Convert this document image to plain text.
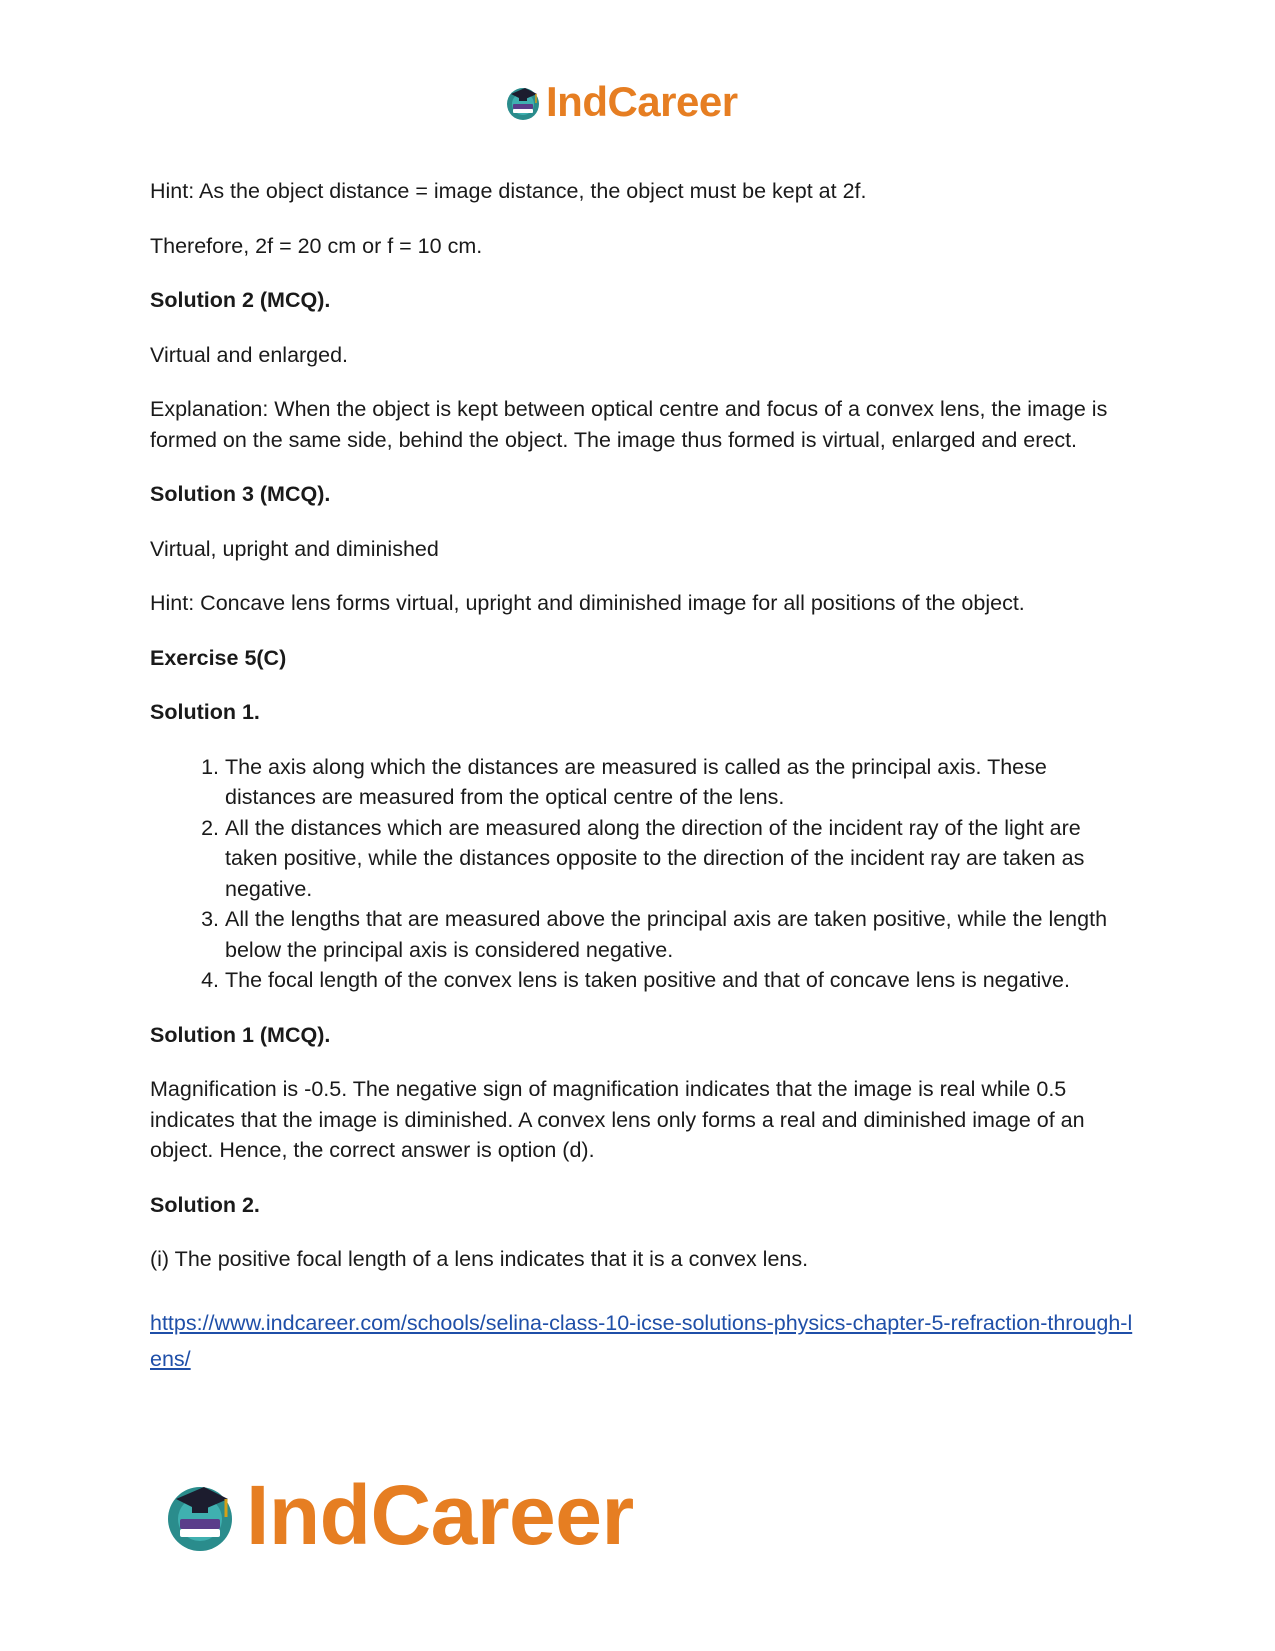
IndCareer

Hint: As the object distance = image distance, the object must be kept at 2f.

Therefore, 2f = 20 cm or f = 10 cm.

Solution 2 (MCQ).

Virtual and enlarged.

Explanation: When the object is kept between optical centre and focus of a convex lens, the image is formed on the same side, behind the object. The image thus formed is virtual, enlarged and erect.

Solution 3 (MCQ).

Virtual, upright and diminished

Hint: Concave lens forms virtual, upright and diminished image for all positions of the object.

Exercise 5(C)

Solution 1.

1. The axis along which the distances are measured is called as the principal axis. These distances are measured from the optical centre of the lens.
2. All the distances which are measured along the direction of the incident ray of the light are taken positive, while the distances opposite to the direction of the incident ray are taken as negative.
3. All the lengths that are measured above the principal axis are taken positive, while the length below the principal axis is considered negative.
4. The focal length of the convex lens is taken positive and that of concave lens is negative.

Solution 1 (MCQ).

Magnification is -0.5. The negative sign of magnification indicates that the image is real while 0.5 indicates that the image is diminished. A convex lens only forms a real and diminished image of an object. Hence, the correct answer is option (d).

Solution 2.

(i) The positive focal length of a lens indicates that it is a convex lens.

https://www.indcareer.com/schools/selina-class-10-icse-solutions-physics-chapter-5-refraction-through-lens/
IndCareer
